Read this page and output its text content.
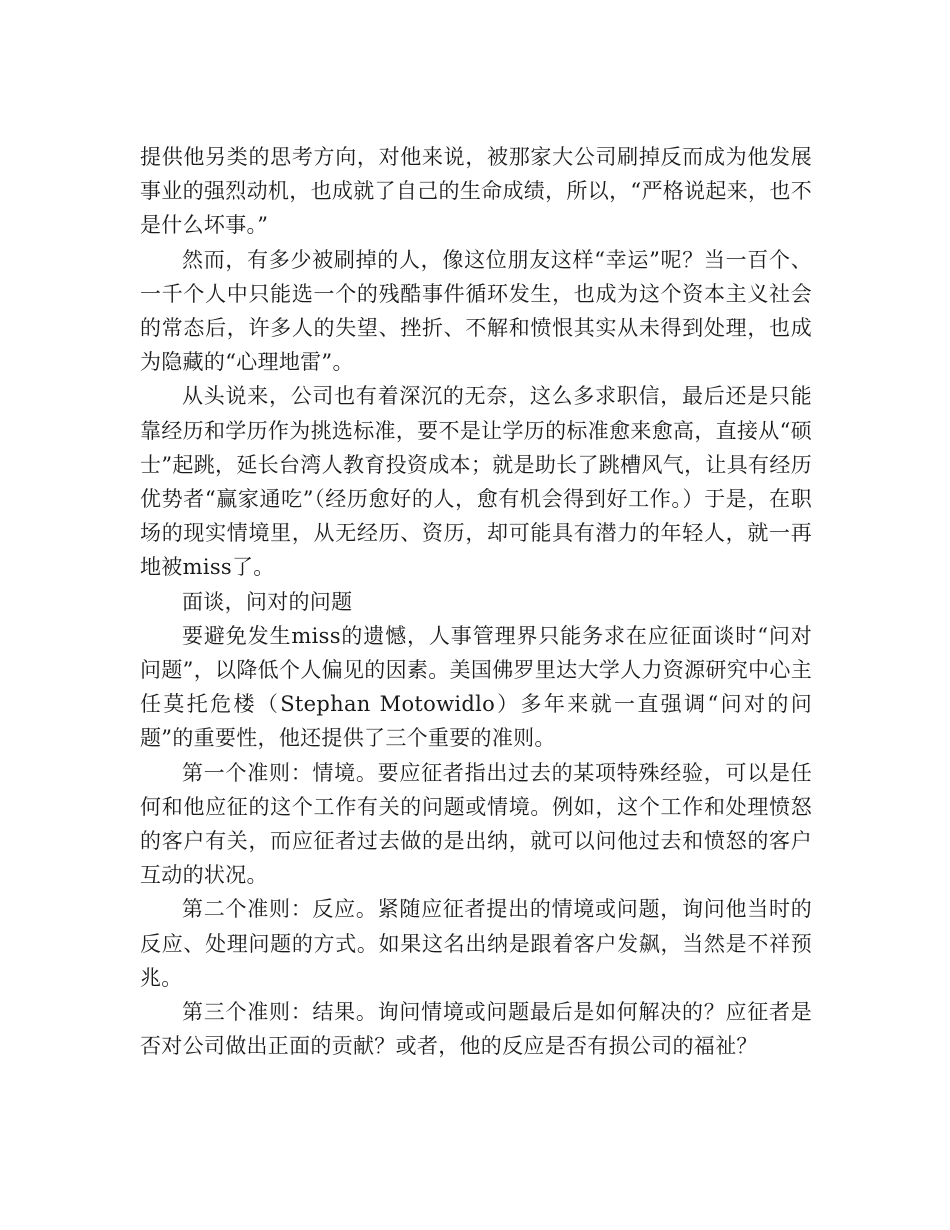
提供他另类的思考方向，对他来说，被那家大公司刷掉反而成为他发展事业的强烈动机，也成就了自己的生命成绩，所以，“严格说起来，也不是什么坏事。”

然而，有多少被刷掉的人，像这位朋友这样“幸运”呢？当一百个、一千个人中只能选一个的残酷事件循环发生，也成为这个资本主义社会的常态后，许多人的失望、挫折、不解和愤恨其实从未得到处理，也成为隐藏的“心理地雷”。

从头说来，公司也有着深沉的无奈，这么多求职信，最后还是只能靠经历和学历作为挑选标准，要不是让学历的标准愈来愈高，直接从“硕士”起跳，延长台湾人教育投资成本；就是助长了跳槽风气，让具有经历优势者“赢家通吃”（经历愈好的人，愈有机会得到好工作。）于是，在职场的现实情境里，从无经历、资历，却可能具有潜力的年轻人，就一再地被miss了。

面谈，问对的问题

要避免发生miss的遗憾，人事管理界只能务求在应征面谈时“问对问题”，以降低个人偏见的因素。美国佛罗里达大学人力资源研究中心主任莫托危楼（Stephan Motowidlo）多年来就一直强调“问对的问题”的重要性，他还提供了三个重要的准则。

第一个准则：情境。要应征者指出过去的某项特殊经验，可以是任何和他应征的这个工作有关的问题或情境。例如，这个工作和处理愤怒的客户有关，而应征者过去做的是出纳，就可以问他过去和愤怒的客户互动的状况。

第二个准则：反应。紧随应征者提出的情境或问题，询问他当时的反应、处理问题的方式。如果这名出纳是跟着客户发飙，当然是不祥预兆。

第三个准则：结果。询问情境或问题最后是如何解决的？应征者是否对公司做出正面的贡献？或者，他的反应是否有损公司的福祉？
